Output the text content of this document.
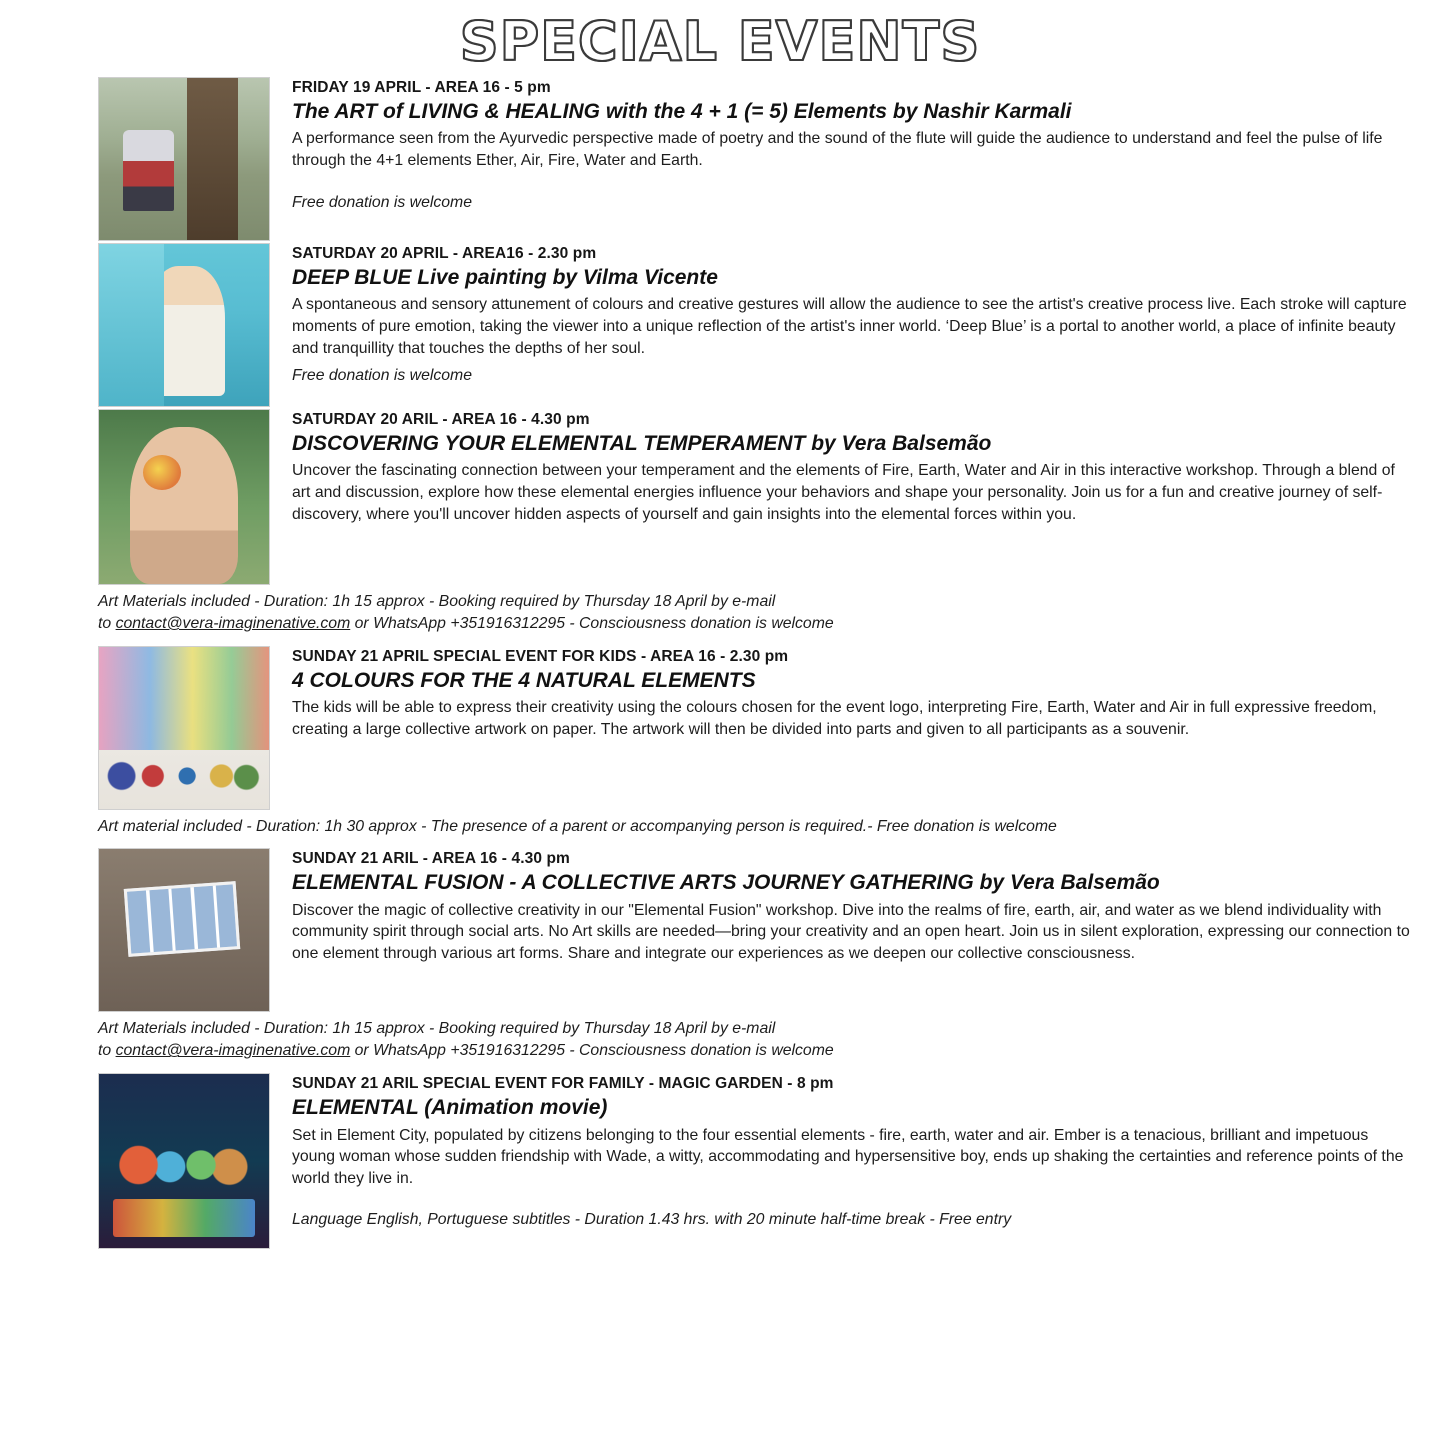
SPECIAL EVENTS
FRIDAY 19 APRIL - AREA 16 - 5 pm
The ART of LIVING & HEALING with the 4 + 1 (= 5) Elements by Nashir Karmali
A performance seen from the Ayurvedic perspective made of poetry and the sound of the flute will guide the audience to understand and feel the pulse of life through the 4+1 elements Ether, Air, Fire, Water and Earth.
Free donation is welcome
SATURDAY 20 APRIL - AREA16 - 2.30 pm
DEEP BLUE Live painting by Vilma Vicente
A spontaneous and sensory attunement of colours and creative gestures will allow the audience to see the artist's creative process live. Each stroke will capture moments of pure emotion, taking the viewer into a unique reflection of the artist's inner world. ‘Deep Blue’ is a portal to another world, a place of infinite beauty and tranquillity that touches the depths of her soul.
Free donation is welcome
SATURDAY 20 ARIL - AREA 16 - 4.30 pm
DISCOVERING YOUR ELEMENTAL TEMPERAMENT by Vera Balsemão
Uncover the fascinating connection between your temperament and the elements of Fire, Earth, Water and Air in this interactive workshop. Through a blend of art and discussion, explore how these elemental energies influence your behaviors and shape your personality. Join us for a fun and creative journey of self-discovery, where you'll uncover hidden aspects of yourself and gain insights into the elemental forces within you.
Art Materials included - Duration: 1h 15 approx - Booking required by Thursday 18 April by e-mail
to contact@vera-imaginenative.com or WhatsApp +351916312295 - Consciousness donation is welcome
SUNDAY 21 APRIL SPECIAL EVENT FOR KIDS - AREA 16 - 2.30 pm
4 COLOURS FOR THE 4 NATURAL ELEMENTS
The kids will be able to express their creativity using the colours chosen for the event logo, interpreting Fire, Earth, Water and Air in full expressive freedom, creating a large collective artwork on paper. The artwork will then be divided into parts and given to all participants as a souvenir.
Art material included - Duration: 1h 30 approx - The presence of a parent or accompanying person is required.- Free donation is welcome
SUNDAY 21 ARIL - AREA 16 - 4.30 pm
ELEMENTAL FUSION - A COLLECTIVE ARTS JOURNEY GATHERING by Vera Balsemão
Discover the magic of collective creativity in our "Elemental Fusion" workshop. Dive into the realms of fire, earth, air, and water as we blend individuality with community spirit through social arts. No Art skills are needed—bring your creativity and an open heart. Join us in silent exploration, expressing our connection to one element through various art forms. Share and integrate our experiences as we deepen our collective consciousness.
Art Materials included - Duration: 1h 15 approx - Booking required by Thursday 18 April by e-mail
to contact@vera-imaginenative.com or WhatsApp +351916312295 - Consciousness donation is welcome
SUNDAY 21 ARIL SPECIAL EVENT FOR FAMILY - MAGIC GARDEN - 8 pm
ELEMENTAL (Animation movie)
Set in Element City, populated by citizens belonging to the four essential elements - fire, earth, water and air. Ember is a tenacious, brilliant and impetuous young woman whose sudden friendship with Wade, a witty, accommodating and hypersensitive boy, ends up shaking the certainties and reference points of the world they live in.
Language English, Portuguese subtitles - Duration 1.43 hrs. with 20 minute half-time break - Free entry
